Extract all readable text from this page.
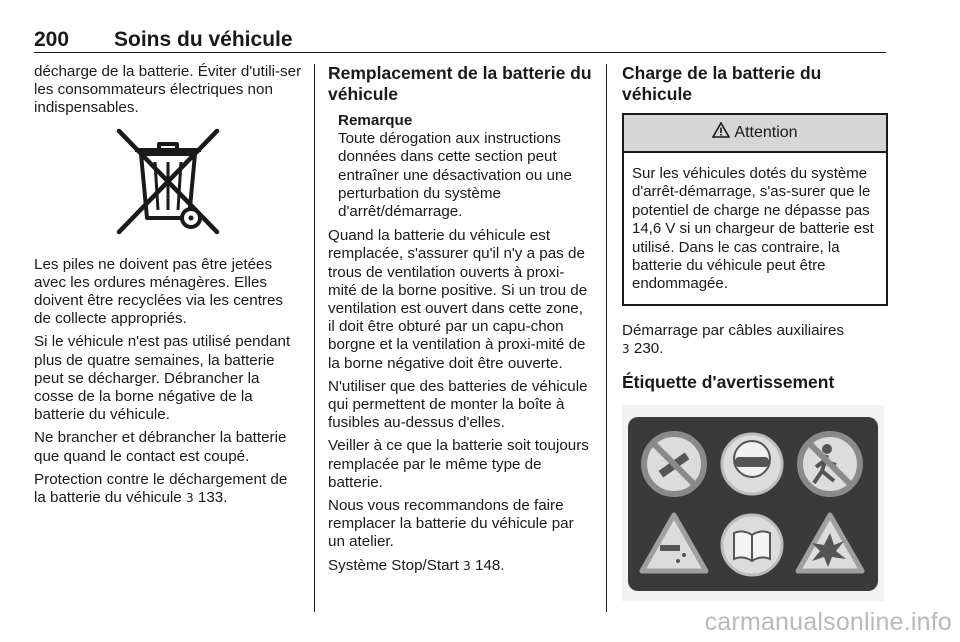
200 Soins du véhicule

décharge de la batterie. Éviter d'utili-ser les consommateurs électriques non indispensables.

Les piles ne doivent pas être jetées avec les ordures ménagères. Elles doivent être recyclées via les centres de collecte appropriés.

Si le véhicule n'est pas utilisé pendant plus de quatre semaines, la batterie peut se décharger. Débrancher la cosse de la borne négative de la batterie du véhicule.

Ne brancher et débrancher la batterie que quand le contact est coupé.

Protection contre le déchargement de la batterie du véhicule 3 133.

Remplacement de la batterie du véhicule
Remarque
Toute dérogation aux instructions données dans cette section peut entraîner une désactivation ou une perturbation du système d'arrêt/démarrage.

Quand la batterie du véhicule est remplacée, s'assurer qu'il n'y a pas de trous de ventilation ouverts à proxi-mité de la borne positive. Si un trou de ventilation est ouvert dans cette zone, il doit être obturé par un capu-chon borgne et la ventilation à proxi-mité de la borne négative doit être ouverte.

N'utiliser que des batteries de véhicule qui permettent de monter la boîte à fusibles au-dessus d'elles.

Veiller à ce que la batterie soit toujours remplacée par le même type de batterie.

Nous vous recommandons de faire remplacer la batterie du véhicule par un atelier.

Système Stop/Start 3 148.

Charge de la batterie du véhicule
Attention
Sur les véhicules dotés du système d'arrêt-démarrage, s'as-surer que le potentiel de charge ne dépasse pas 14,6 V si un chargeur de batterie est utilisé. Dans le cas contraire, la batterie du véhicule peut être endommagée.

Démarrage par câbles auxiliaires
3 230.

Étiquette d'avertissement
carmanualsonline.info
